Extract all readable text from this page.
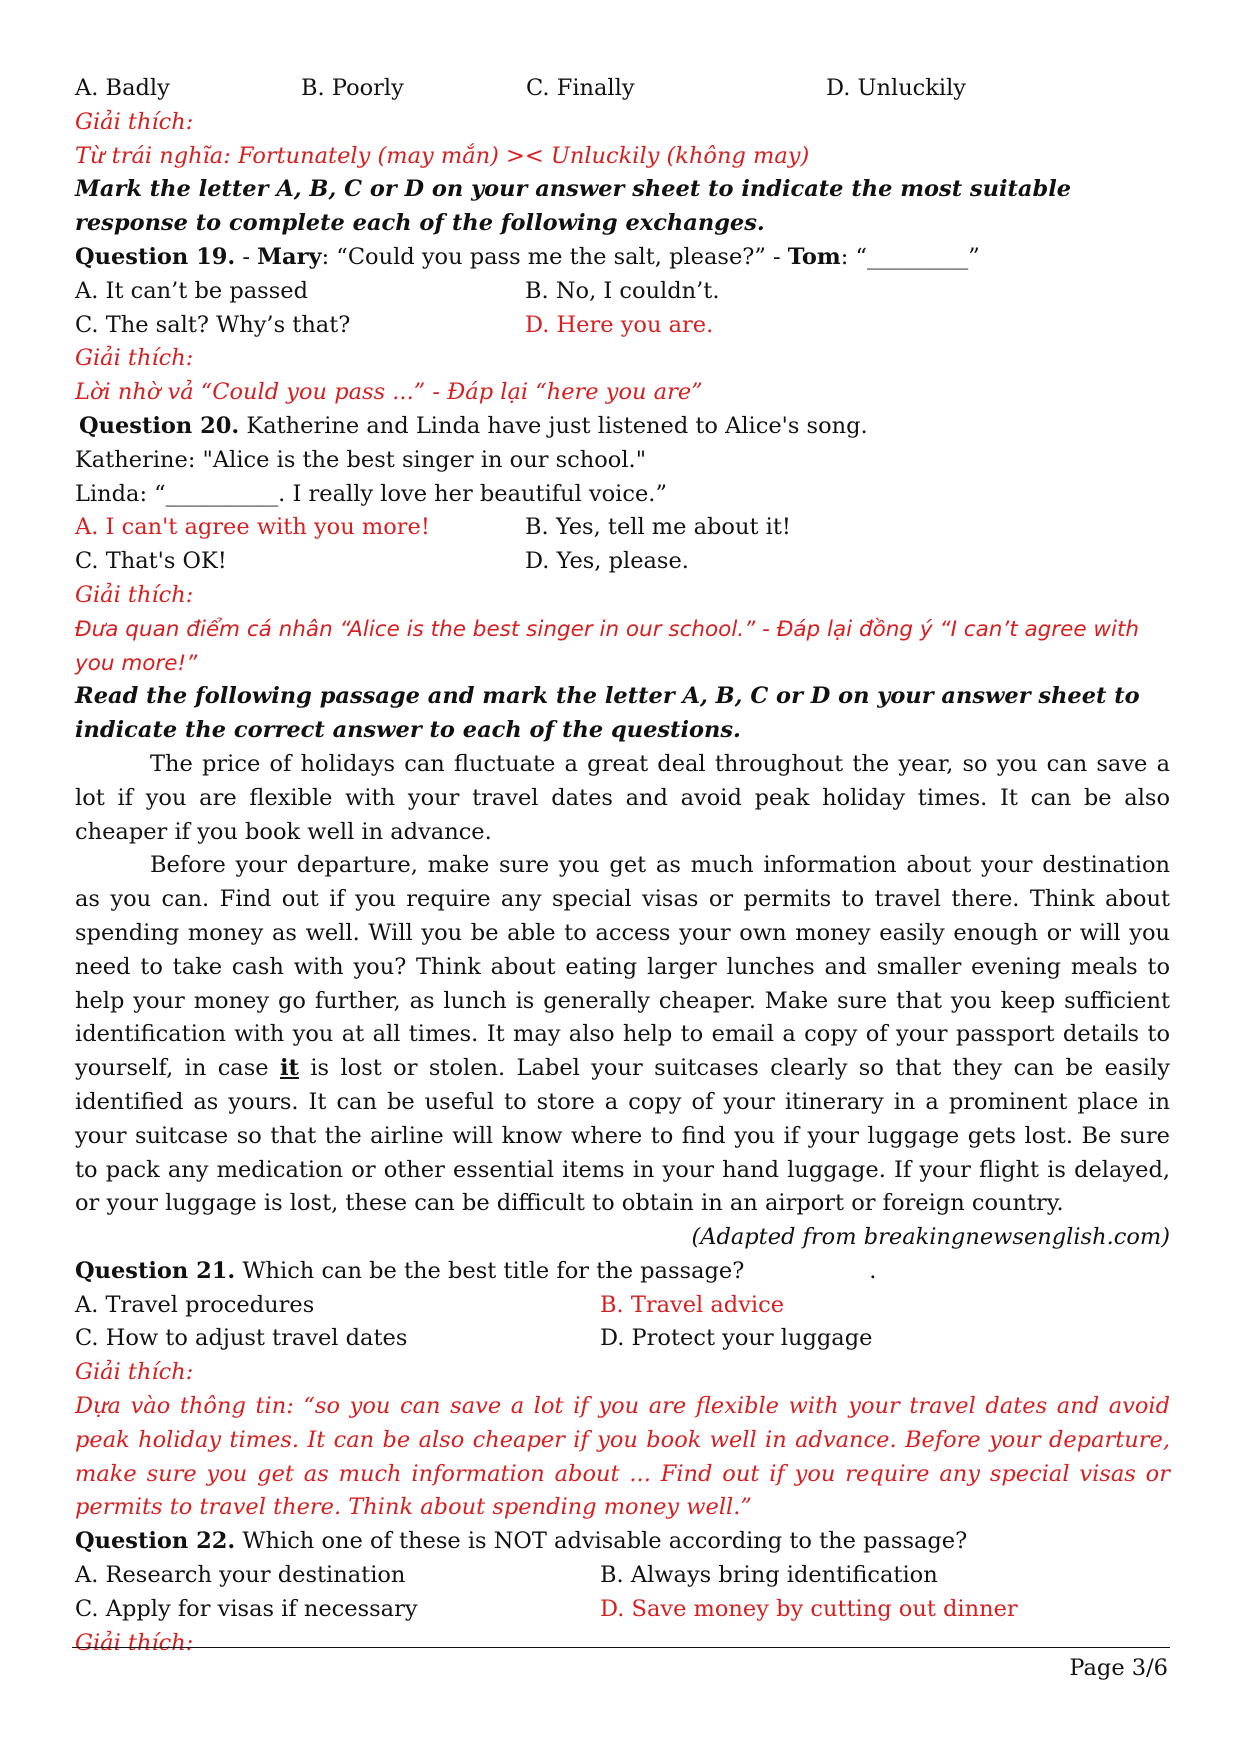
A. Badly	B. Poorly	C. Finally	D. Unluckily
Giải thích:
Từ trái nghĩa: Fortunately (may mắn) >< Unluckily (không may)
Mark the letter A, B, C or D on your answer sheet to indicate the most suitable response to complete each of the following exchanges.
Question 19. - Mary: “Could you pass me the salt, please?” - Tom: “_________”
A. It can’t be passed	B. No, I couldn’t.
C. The salt? Why’s that?	D. Here you are.
Giải thích:
Lời nhờ vả “Could you pass ...” - Đáp lại “here you are”
Question 20. Katherine and Linda have just listened to Alice's song.
Katherine: "Alice is the best singer in our school."
Linda: “__________. I really love her beautiful voice.”
A. I can't agree with you more!	B. Yes, tell me about it!
C. That's OK!	D. Yes, please.
Giải thích:
Đưa quan điểm cá nhân “Alice is the best singer in our school.” - Đáp lại đồng ý “I can’t agree with you more!”
Read the following passage and mark the letter A, B, C or D on your answer sheet to indicate the correct answer to each of the questions.
The price of holidays can fluctuate a great deal throughout the year, so you can save a lot if you are flexible with your travel dates and avoid peak holiday times. It can be also cheaper if you book well in advance.
Before your departure, make sure you get as much information about your destination as you can. Find out if you require any special visas or permits to travel there. Think about spending money as well. Will you be able to access your own money easily enough or will you need to take cash with you? Think about eating larger lunches and smaller evening meals to help your money go further, as lunch is generally cheaper. Make sure that you keep sufficient identification with you at all times. It may also help to email a copy of your passport details to yourself, in case it is lost or stolen. Label your suitcases clearly so that they can be easily identified as yours. It can be useful to store a copy of your itinerary in a prominent place in your suitcase so that the airline will know where to find you if your luggage gets lost. Be sure to pack any medication or other essential items in your hand luggage. If your flight is delayed, or your luggage is lost, these can be difficult to obtain in an airport or foreign country.
(Adapted from breakingnewsenglish.com)
Question 21. Which can be the best title for the passage?	.
A. Travel procedures	B. Travel advice
C. How to adjust travel dates	D. Protect your luggage
Giải thích:
Dựa vào thông tin: “so you can save a lot if you are flexible with your travel dates and avoid peak holiday times. It can be also cheaper if you book well in advance. Before your departure, make sure you get as much information about ... Find out if you require any special visas or permits to travel there. Think about spending money well.”
Question 22. Which one of these is NOT advisable according to the passage?
A. Research your destination	B. Always bring identification
C. Apply for visas if necessary	D. Save money by cutting out dinner
Giải thích:
Page 3/6
